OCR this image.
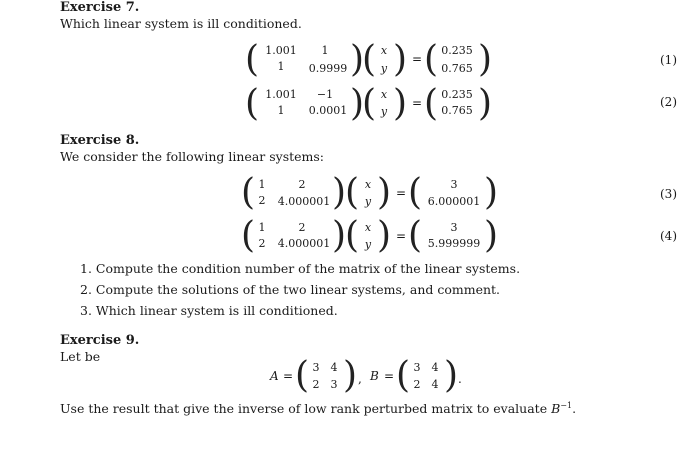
Exercise 7.
Which linear system is ill conditioned.
( 1.001	1
1	0.9999 )
( x
y ) = ( 0.235
0.765 )	(1)
( 1.001	−1
1	0.0001 )
( x
y ) = ( 0.235
0.765 )	(2)
Exercise 8.
We consider the following linear systems:
( 1	2
2	4.000001 )
( x
y ) = (	3
6.000001 )	(3)
( 1	2
2	4.000001 )
( x
y ) = (	3
5.999999 )	(4)
1. Compute the condition number of the matrix of the linear systems.
2. Compute the solutions of the two linear systems, and comment.
3. Which linear system is ill conditioned.
Exercise 9.
Let be
A = ( 3	4
2	3 ) , B = ( 3	4
2	4 ) .
Use the result that give the inverse of low rank perturbed matrix to evaluate $B^{-1}$.
